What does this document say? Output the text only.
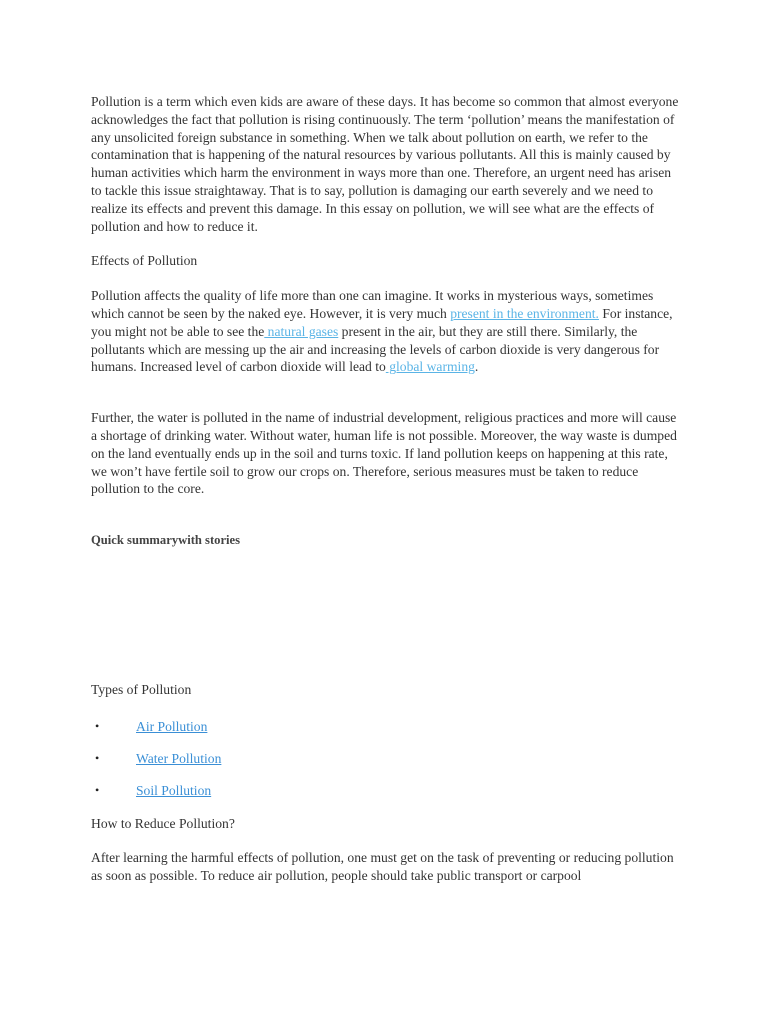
Pollution is a term which even kids are aware of these days. It has become so common that almost everyone acknowledges the fact that pollution is rising continuously. The term ‘pollution’ means the manifestation of any unsolicited foreign substance in something. When we talk about pollution on earth, we refer to the contamination that is happening of the natural resources by various pollutants. All this is mainly caused by human activities which harm the environment in ways more than one. Therefore, an urgent need has arisen to tackle this issue straightaway. That is to say, pollution is damaging our earth severely and we need to realize its effects and prevent this damage. In this essay on pollution, we will see what are the effects of pollution and how to reduce it.

Effects of Pollution

Pollution affects the quality of life more than one can imagine. It works in mysterious ways, sometimes which cannot be seen by the naked eye. However, it is very much present in the environment. For instance, you might not be able to see the natural gases present in the air, but they are still there. Similarly, the pollutants which are messing up the air and increasing the levels of carbon dioxide is very dangerous for humans. Increased level of carbon dioxide will lead to global warming.

Further, the water is polluted in the name of industrial development, religious practices and more will cause a shortage of drinking water. Without water, human life is not possible. Moreover, the way waste is dumped on the land eventually ends up in the soil and turns toxic. If land pollution keeps on happening at this rate, we won’t have fertile soil to grow our crops on. Therefore, serious measures must be taken to reduce pollution to the core.

Quick summarywith stories

Types of Pollution

•	Air Pollution
•	Water Pollution
•	Soil Pollution

How to Reduce Pollution?

After learning the harmful effects of pollution, one must get on the task of preventing or reducing pollution as soon as possible. To reduce air pollution, people should take public transport or carpool
